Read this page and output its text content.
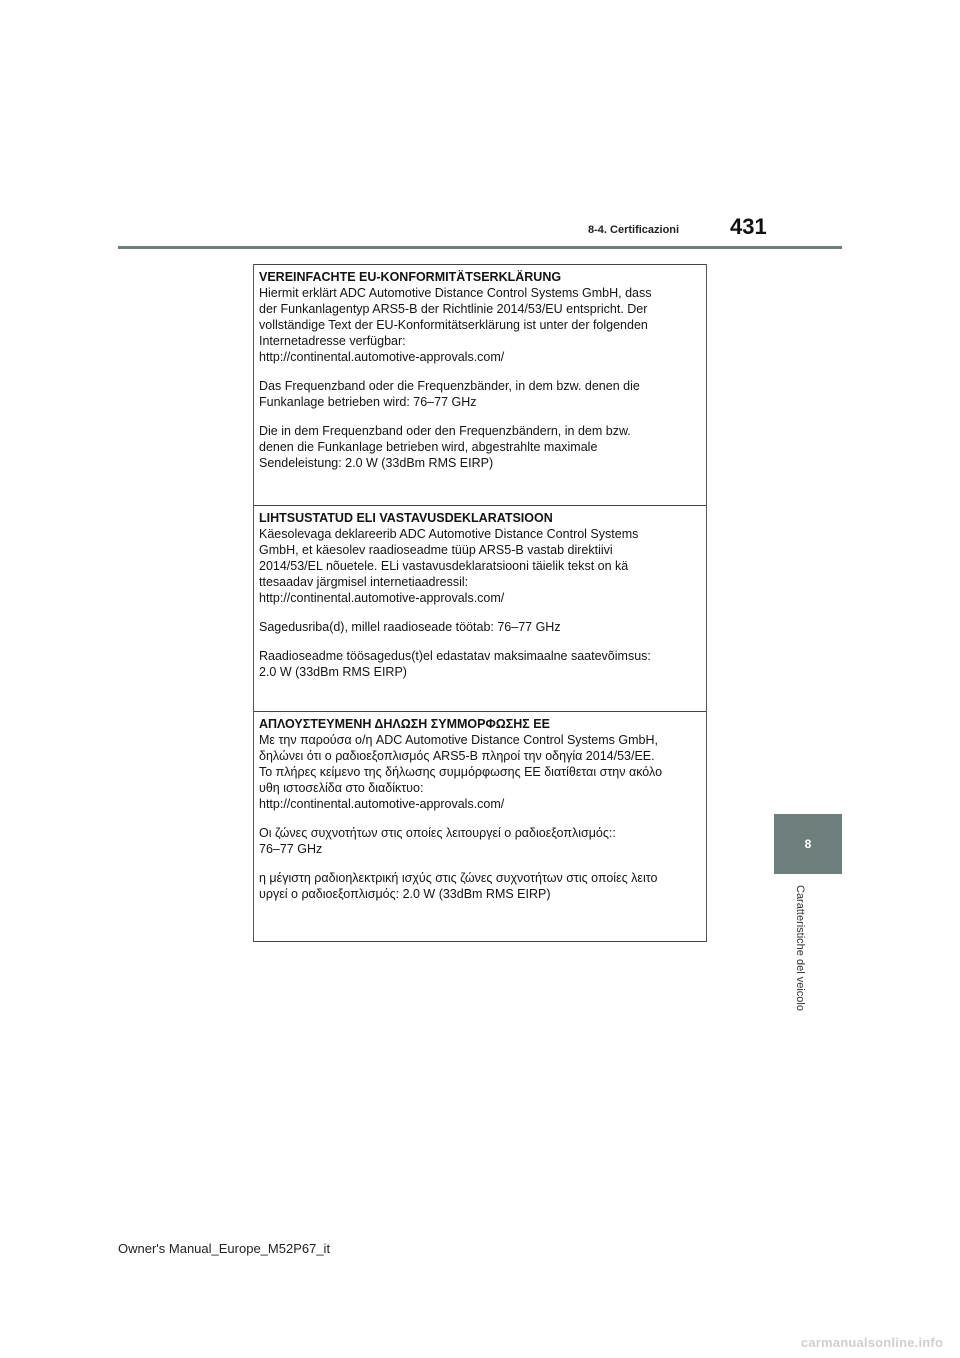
8-4. Certificazioni 431
VEREINFACHTE EU-KONFORMITÄTSERKLÄRUNG

Hiermit erklärt ADC Automotive Distance Control Systems GmbH, dass
der Funkanlagentyp ARS5-B der Richtlinie 2014/53/EU entspricht. Der
vollständige Text der EU-Konformitätserklärung ist unter der folgenden
Internetadresse verfügbar:
http://continental.automotive-approvals.com/

Das Frequenzband oder die Frequenzbänder, in dem bzw. denen die
Funkanlage betrieben wird: 76–77 GHz

Die in dem Frequenzband oder den Frequenzbändern, in dem bzw.
denen die Funkanlage betrieben wird, abgestrahlte maximale
Sendeleistung: 2.0 W (33dBm RMS EIRP)

LIHTSUSTATUD ELI VASTAVUSDEKLARATSIOON

Käesolevaga deklareerib ADC Automotive Distance Control Systems
GmbH, et käesolev raadioseadme tüüp ARS5-B vastab direktiivi
2014/53/EL nõuetele. ELi vastavusdeklaratsiooni täielik tekst on kä
ttesaadav järgmisel internetiaadressil:
http://continental.automotive-approvals.com/

Sagedusriba(d), millel raadioseade töötab: 76–77 GHz

Raadioseadme töösagedus(t)el edastatav maksimaalne saatevõimsus:
2.0 W (33dBm RMS EIRP)

ΑΠΛΟΥΣΤΕΥΜΕΝΗ ΔΗΛΩΣΗ ΣΥΜΜΟΡΦΩΣΗΣ ΕΕ

Με την παρούσα ο/η ADC Automotive Distance Control Systems GmbH,
δηλώνει ότι ο ραδιοεξοπλισμός ARS5-B πληροί την οδηγία 2014/53/ΕΕ.
Το πλήρες κείμενο της δήλωσης συμμόρφωσης ΕΕ διατίθεται στην ακόλο
υθη ιστοσελίδα στο διαδίκτυο:
http://continental.automotive-approvals.com/

Οι ζώνες συχνοτήτων στις οποίες λειτουργεί ο ραδιοεξοπλισμός::
76–77 GHz

η μέγιστη ραδιοηλεκτρική ισχύς στις ζώνες συχνοτήτων στις οποίες λειτο
υργεί ο ραδιοεξοπλισμός: 2.0 W (33dBm RMS EIRP)

8
Caratteristiche del veicolo
Owner's Manual_Europe_M52P67_it
carmanualsonline.info
